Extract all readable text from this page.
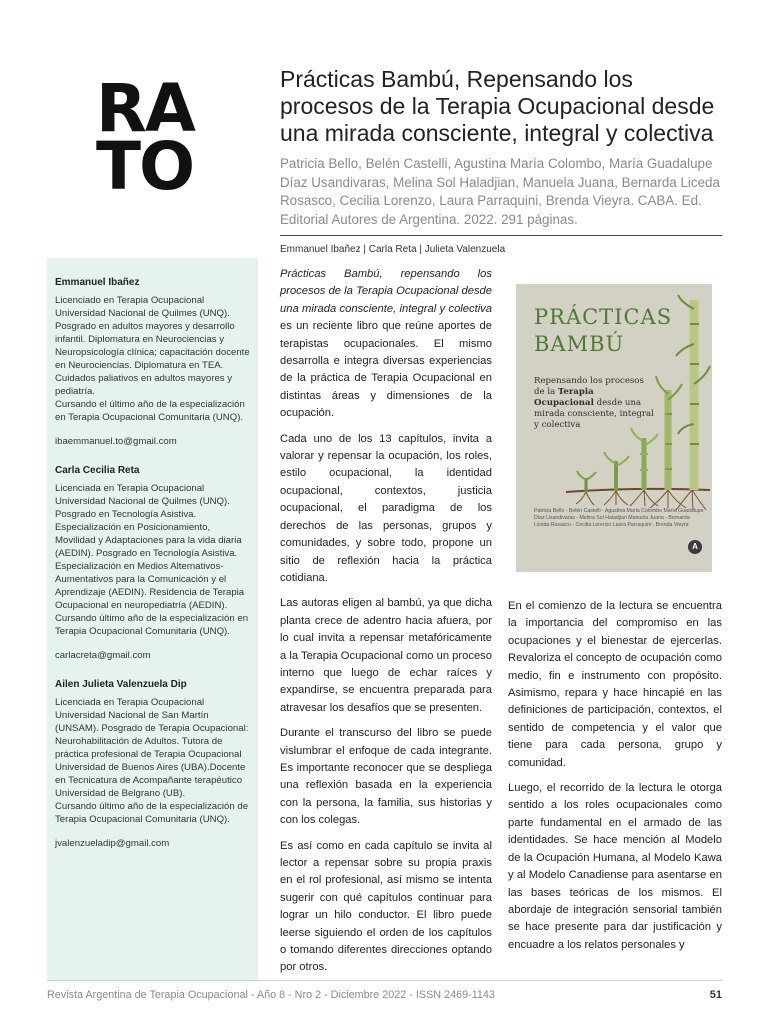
RA
TO
Prácticas Bambú, Repensando los procesos de la Terapia Ocupacional desde una mirada consciente, integral y colectiva

Patricia Bello, Belén Castelli, Agustina María Colombo, María Guadalupe Díaz Usandivaras, Melina Sol Haladjian, Manuela Juana, Bernarda Liceda Rosasco, Cecilia Lorenzo, Laura Parraquini, Brenda Vieyra. CABA. Ed. Editorial Autores de Argentina. 2022. 291 páginas.

Emmanuel Ibañez | Carla Reta | Julieta Valenzuela
Emmanuel Ibañez
Licenciado en Terapia Ocupacional Universidad Nacional de Quilmes (UNQ). Posgrado en adultos mayores y desarrollo infantil. Diplomatura en Neurociencias y Neuropsicología clínica; capacitación docente en Neurociencias. Diplomatura en TEA. Cuidados paliativos en adultos mayores y pediatría.
Cursando el último año de la especialización en Terapia Ocupacional Comunitaria (UNQ).
ibaemmanuel.to@gmail.com
Carla Cecilia Reta
Licenciada en Terapia Ocupacional Universidad Nacional de Quilmes (UNQ). Posgrado en Tecnología Asistiva. Especialización en Posicionamiento, Movilidad y Adaptaciones para la vida diaria (AEDIN). Posgrado en Tecnología Asistiva. Especialización en Medios Alternativos- Aumentativos para la Comunicación y el Aprendizaje (AEDIN). Residencia de Terapia Ocupacional en neuropediatría (AEDIN).
Cursando último año de la especialización en Terapia Ocupacional Comunitaria (UNQ).
carlacreta@gmail.com
Ailen Julieta Valenzuela Dip
Licenciada en Terapia Ocupacional Universidad Nacional de San Martín (UNSAM). Posgrado de Terapia Ocupacional: Neurohabilitación de Adultos. Tutora de práctica profesional de Terapia Ocupacional Universidad de Buenos Aires (UBA).Docente en Tecnicatura de Acompañante terapéutico Universidad de Belgrano (UB).
Cursando último año de la especialización de Terapia Ocupacional Comunitaria (UNQ).
jvalenzueladip@gmail.com

Prácticas Bambú, repensando los procesos de la Terapia Ocupacional desde una mirada consciente, integral y colectiva es un reciente libro que reúne aportes de terapistas ocupacionales. El mismo desarrolla e integra diversas experiencias de la práctica de Terapia Ocupacional en distintas áreas y dimensiones de la ocupación.

Cada uno de los 13 capítulos, invita a valorar y repensar la ocupación, los roles, estilo ocupacional, la identidad ocupacional, contextos, justicia ocupacional, el paradigma de los derechos de las personas, grupos y comunidades, y sobre todo, propone un sitio de reflexión hacia la práctica cotidiana.

Las autoras eligen al bambú, ya que dicha planta crece de adentro hacia afuera, por lo cual invita a repensar metafóricamente a la Terapia Ocupacional como un proceso interno que luego de echar raíces y expandirse, se encuentra preparada para atravesar los desafíos que se presenten.

Durante el transcurso del libro se puede vislumbrar el enfoque de cada integrante. Es importante reconocer que se despliega una reflexión basada en la experiencia con la persona, la familia, sus historias y con los colegas.

Es así como en cada capítulo se invita al lector a repensar sobre su propia praxis en el rol profesional, así mismo se intenta sugerir con qué capítulos continuar para lograr un hilo conductor. El libro puede leerse siguiendo el orden de los capítulos o tomando diferentes direcciones optando por otros.

PRÁCTICAS
BAMBÚ
Repensando los procesos de la Terapia Ocupacional desde una mirada consciente, integral y colectiva
Patricia Bello - Belén Castelli - Agustina María Colombo María Guadalupe Díaz Usandivaras - Melina Sol Haladjian Manuela Juana - Bernarda Liceda Rosasco - Cecilia Lorenzo Laura Parraquini - Brenda Vieyra
A

En el comienzo de la lectura se encuentra la importancia del compromiso en las ocupaciones y el bienestar de ejercerlas. Revaloriza el concepto de ocupación como medio, fin e instrumento con propósito. Asimismo, repara y hace hincapié en las definiciones de participación, contextos, el sentido de competencia y el valor que tiene para cada persona, grupo y comunidad.

Luego, el recorrido de la lectura le otorga sentido a los roles ocupacionales como parte fundamental en el armado de las identidades. Se hace mención al Modelo de la Ocupación Humana, al Modelo Kawa y al Modelo Canadiense para asentarse en las bases teóricas de los mismos. El abordaje de integración sensorial también se hace presente para dar justificación y encuadre a los relatos personales y

Revista Argentina de Terapia Ocupacional - Año 8 - Nro 2 - Diciembre 2022 - ISSN 2469-1143	51
